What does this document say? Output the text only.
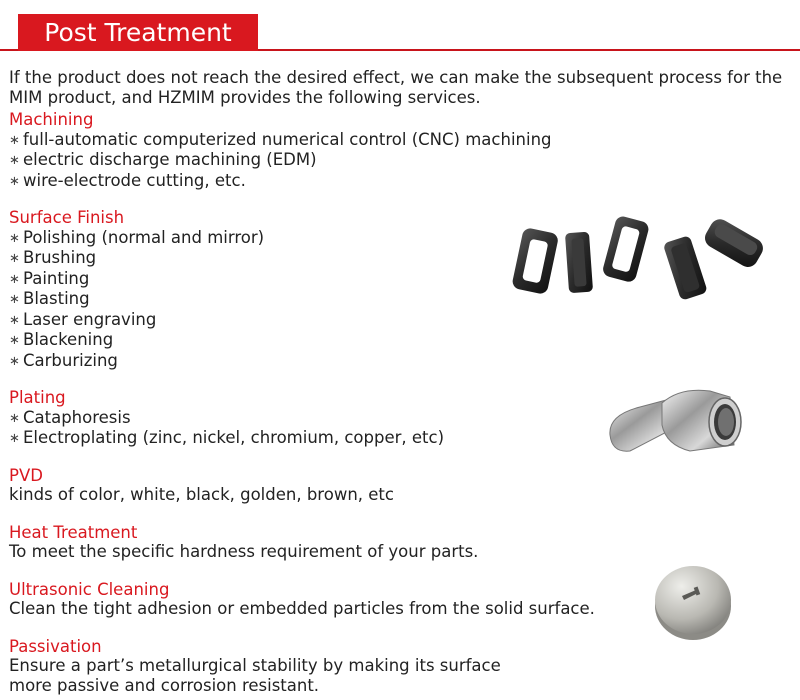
Post Treatment

If the product does not reach the desired effect, we can make the subsequent process for the MIM product, and HZMIM provides the following services.

Machining

∗ full-automatic computerized numerical control (CNC) machining

∗ electric discharge machining (EDM)

∗ wire-electrode cutting, etc.

Surface Finish

∗ Polishing (normal and mirror)

∗ Brushing

∗ Painting

∗ Blasting

∗ Laser engraving

∗ Blackening

∗ Carburizing

Plating

∗ Cataphoresis

∗ Electroplating (zinc, nickel, chromium, copper, etc)

PVD

kinds of color, white, black, golden, brown, etc

Heat Treatment

To meet the specific hardness requirement of your parts.

Ultrasonic Cleaning

Clean the tight adhesion or embedded particles from the solid surface.

Passivation

Ensure a part’s metallurgical stability by making its surface more passive and corrosion resistant.
